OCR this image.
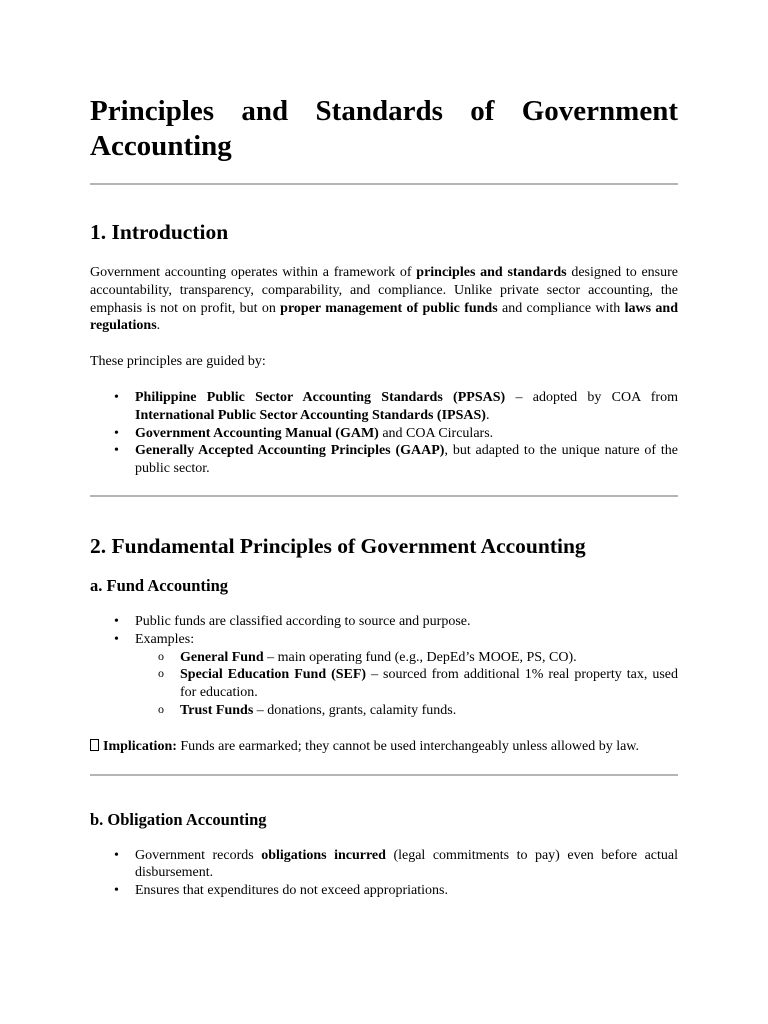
Principles and Standards of Government
Accounting
1. Introduction

Government accounting operates within a framework of principles and standards designed to ensure accountability, transparency, comparability, and compliance. Unlike private sector accounting, the emphasis is not on profit, but on proper management of public funds and compliance with laws and regulations.

These principles are guided by:

• Philippine Public Sector Accounting Standards (PPSAS) – adopted by COA from International Public Sector Accounting Standards (IPSAS).
• Government Accounting Manual (GAM) and COA Circulars.
• Generally Accepted Accounting Principles (GAAP), but adapted to the unique nature of the public sector.
2. Fundamental Principles of Government Accounting
a. Fund Accounting
• Public funds are classified according to source and purpose.
• Examples:
o General Fund – main operating fund (e.g., DepEd’s MOOE, PS, CO).
o Special Education Fund (SEF) – sourced from additional 1% real property tax, used for education.
o Trust Funds – donations, grants, calamity funds.

Implication: Funds are earmarked; they cannot be used interchangeably unless allowed by law.

b. Obligation Accounting
• Government records obligations incurred (legal commitments to pay) even before actual disbursement.
• Ensures that expenditures do not exceed appropriations.
